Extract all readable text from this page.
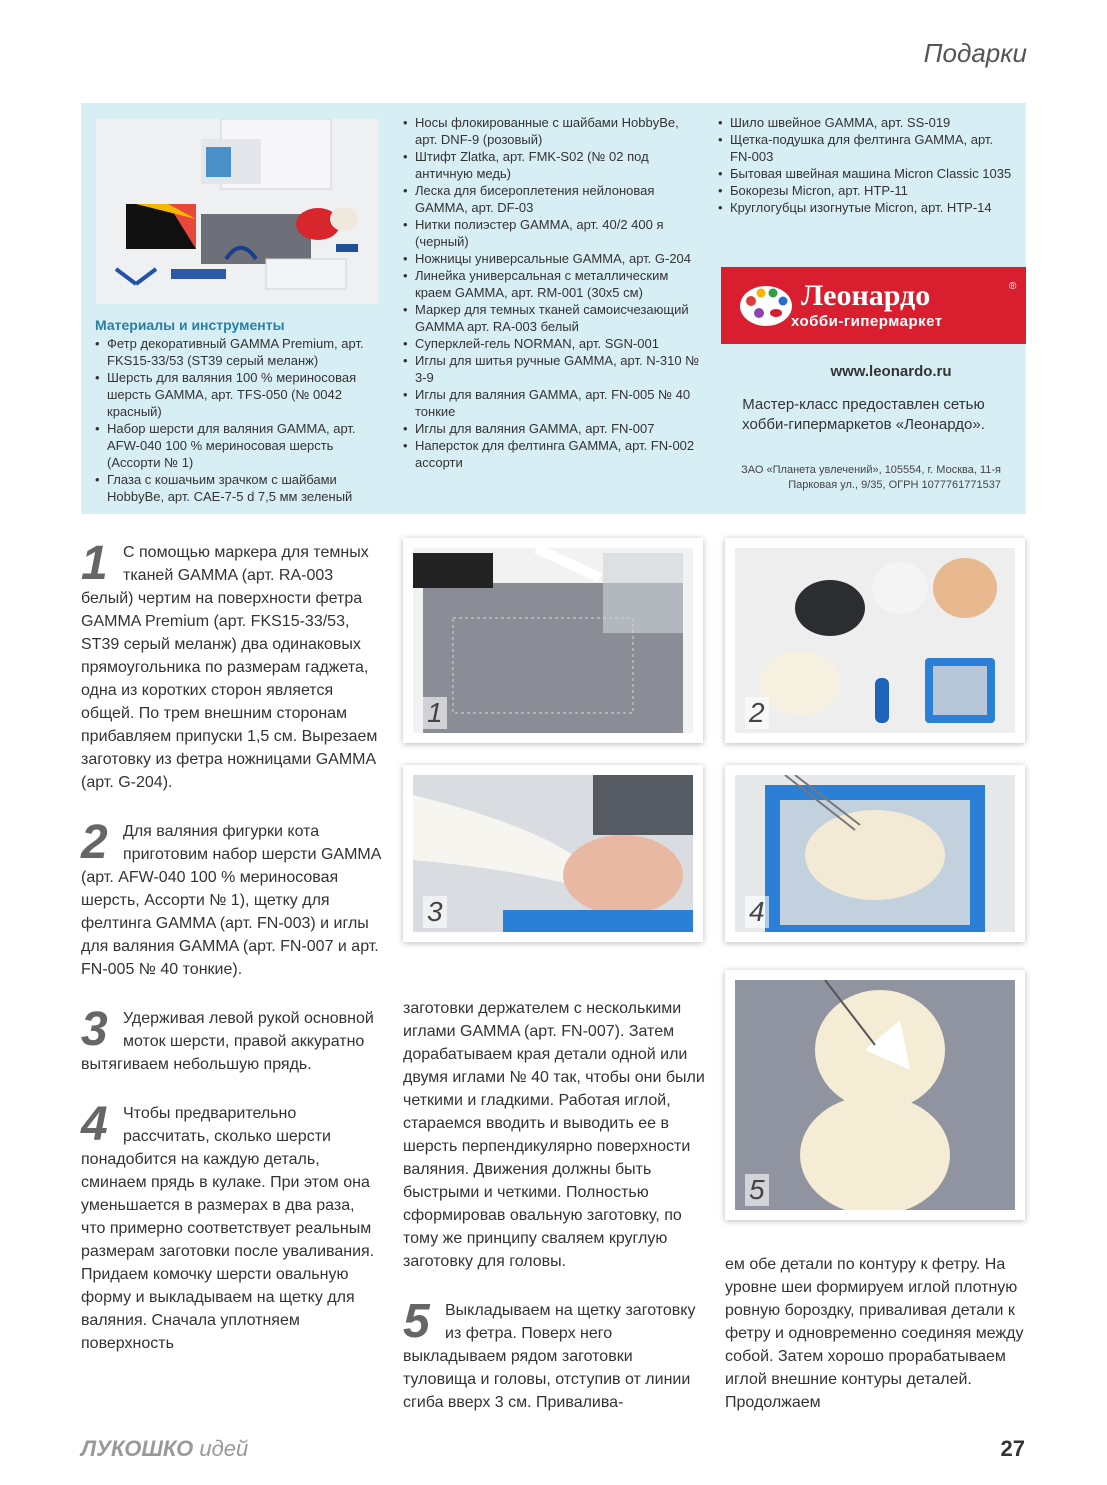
Подарки
Материалы и инструменты
• Фетр декоративный GAMMA Premium, арт. FKS15-33/53 (ST39 серый меланж)
• Шерсть для валяния 100 % мериносовая шерсть GAMMA, арт. TFS-050 (№ 0042 красный)
• Набор шерсти для валяния GAMMA, арт. AFW-040 100 % мериносовая шерсть (Ассорти № 1)
• Глаза с кошачьим зрачком с шайбами HobbyBe, арт. CAE-7-5 d 7,5 мм зеленый
• Носы флокированные с шайбами HobbyBe, арт. DNF-9 (розовый)
• Штифт Zlatka, арт. FMK-S02 (№ 02 под античную медь)
• Леска для бисероплетения нейлоновая GAMMA, арт. DF-03
• Нитки полиэстер GAMMA, арт. 40/2 400 я (черный)
• Ножницы универсальные GAMMA, арт. G-204
• Линейка универсальная с металлическим краем GAMMA, арт. RM-001 (30x5 см)
• Маркер для темных тканей самоисчезающий GAMMA арт. RA-003 белый
• Суперклей-гель NORMAN, арт. SGN-001
• Иглы для шитья ручные GAMMA, арт. N-310 № 3-9
• Иглы для валяния GAMMA, арт. FN-005 № 40 тонкие
• Иглы для валяния GAMMA, арт. FN-007
• Наперсток для фелтинга GAMMA, арт. FN-002 ассорти
• Шило швейное GAMMA, арт. SS-019
• Щетка-подушка для фелтинга GAMMA, арт. FN-003
• Бытовая швейная машина Micron Classic 1035
• Бокорезы Micron, арт. HTP-11
• Круглогубцы изогнутые Micron, арт. HTP-14
Леонардо	®
хобби-гипермаркет
www.leonardo.ru
Мастер-класс предоставлен сетью хобби-гипермаркетов «Леонардо».
ЗАО «Планета увлечений», 105554, г. Москва, 11-я Парковая ул., 9/35, ОГРН 1077761771537

1 С помощью маркера для темных тканей GAMMA (арт. RA-003 белый) чертим на поверхности фетра GAMMA Premium (арт. FKS15-33/53, ST39 серый меланж) два одинаковых прямоугольника по размерам гаджета, одна из коротких сторон является общей. По трем внешним сторонам прибавляем припуски 1,5 см. Вырезаем заготовку из фетра ножницами GAMMA (арт. G-204).

2 Для валяния фигурки кота приготовим набор шерсти GAMMA (арт. AFW-040 100 % мериносовая шерсть, Ассорти № 1), щетку для фелтинга GAMMA (арт. FN-003) и иглы для валяния GAMMA (арт. FN-007 и арт. FN-005 № 40 тонкие).

3 Удерживая левой рукой основной моток шерсти, правой аккуратно вытягиваем небольшую прядь.

4 Чтобы предварительно рассчитать, сколько шерсти понадобится на каждую деталь, сминаем прядь в кулаке. При этом она уменьшается в размерах в два раза, что примерно соответствует реальным размерам заготовки после уваливания. Придаем комочку шерсти овальную форму и выкладываем на щетку для валяния. Сначала уплотняем поверхность

1	2
3	4
5

заготовки держателем с несколькими иглами GAMMA (арт. FN-007). Затем дорабатываем края детали одной или двумя иглами № 40 так, чтобы они были четкими и гладкими. Работая иглой, стараемся вводить и выводить ее в шерсть перпендикулярно поверхности валяния. Движения должны быть быстрыми и четкими. Полностью сформировав овальную заготовку, по тому же принципу сваляем круглую заготовку для головы.

5 Выкладываем на щетку заготовку из фетра. Поверх него выкладываем рядом заготовки туловища и головы, отступив от линии сгиба вверх 3 см. Привалива-

ем обе детали по контуру к фетру. На уровне шеи формируем иглой плотную ровную бороздку, приваливая детали к фетру и одновременно соединяя между собой. Затем хорошо прорабатываем иглой внешние контуры деталей. Продолжаем

ЛУКОШКО идей	27
